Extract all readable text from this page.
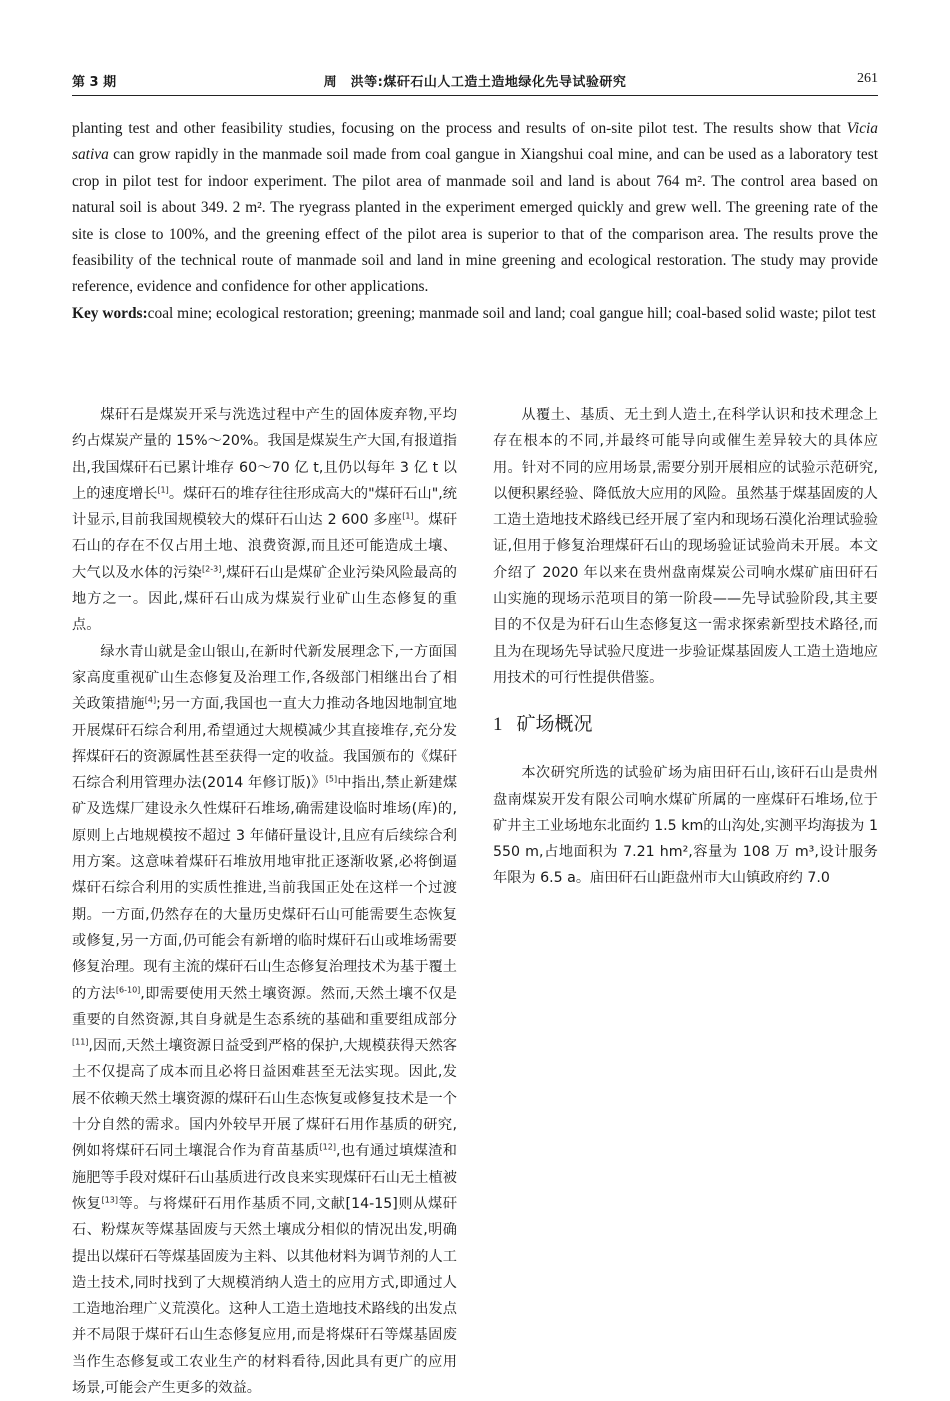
第 3 期	周　洪等:煤矸石山人工造土造地绿化先导试验研究	261

planting test and other feasibility studies, focusing on the process and results of on-site pilot test. The results show that Vicia sativa can grow rapidly in the manmade soil made from coal gangue in Xiangshui coal mine, and can be used as a laboratory test crop in pilot test for indoor experiment. The pilot area of manmade soil and land is about 764 m². The control area based on natural soil is about 349. 2 m². The ryegrass planted in the experiment emerged quickly and grew well. The greening rate of the site is close to 100%, and the greening effect of the pilot area is superior to that of the comparison area. The results prove the feasibility of the technical route of manmade soil and land in mine greening and ecological restoration. The study may provide reference, evidence and confidence for other applications.

Key words:coal mine; ecological restoration; greening; manmade soil and land; coal gangue hill; coal-based solid waste; pilot test

煤矸石是煤炭开采与洗选过程中产生的固体废弃物,平均约占煤炭产量的 15%～20%。我国是煤炭生产大国,有报道指出,我国煤矸石已累计堆存 60～70 亿 t,且仍以每年 3 亿 t 以上的速度增长[1]。煤矸石的堆存往往形成高大的"煤矸石山",统计显示,目前我国规模较大的煤矸石山达 2 600 多座[1]。煤矸石山的存在不仅占用土地、浪费资源,而且还可能造成土壤、大气以及水体的污染[2-3],煤矸石山是煤矿企业污染风险最高的地方之一。因此,煤矸石山成为煤炭行业矿山生态修复的重点。

绿水青山就是金山银山,在新时代新发展理念下,一方面国家高度重视矿山生态修复及治理工作,各级部门相继出台了相关政策措施[4];另一方面,我国也一直大力推动各地因地制宜地开展煤矸石综合利用,希望通过大规模减少其直接堆存,充分发挥煤矸石的资源属性甚至获得一定的收益。我国颁布的《煤矸石综合利用管理办法(2014 年修订版)》[5]中指出,禁止新建煤矿及选煤厂建设永久性煤矸石堆场,确需建设临时堆场(库)的,原则上占地规模按不超过 3 年储矸量设计,且应有后续综合利用方案。这意味着煤矸石堆放用地审批正逐渐收紧,必将倒逼煤矸石综合利用的实质性推进,当前我国正处在这样一个过渡期。一方面,仍然存在的大量历史煤矸石山可能需要生态恢复或修复,另一方面,仍可能会有新增的临时煤矸石山或堆场需要修复治理。现有主流的煤矸石山生态修复治理技术为基于覆土的方法[6-10],即需要使用天然土壤资源。然而,天然土壤不仅是重要的自然资源,其自身就是生态系统的基础和重要组成部分[11],因而,天然土壤资源日益受到严格的保护,大规模获得天然客土不仅提高了成本而且必将日益困难甚至无法实现。因此,发展不依赖天然土壤资源的煤矸石山生态恢复或修复技术是一个十分自然的需求。国内外较早开展了煤矸石用作基质的研究,例如将煤矸石同土壤混合作为育苗基质[12],也有通过填煤渣和施肥等手段对煤矸石山基质进行改良来实现煤矸石山无土植被恢复[13]等。与将煤矸石用作基质不同,文献[14-15]则从煤矸石、粉煤灰等煤基固废与天然土壤成分相似的情况出发,明确提出以煤矸石等煤基固废为主料、以其他材料为调节剂的人工造土技术,同时找到了大规模消纳人造土的应用方式,即通过人工造地治理广义荒漠化。这种人工造土造地技术路线的出发点并不局限于煤矸石山生态修复应用,而是将煤矸石等煤基固废当作生态修复或工农业生产的材料看待,因此具有更广的应用场景,可能会产生更多的效益。

从覆土、基质、无土到人造土,在科学认识和技术理念上存在根本的不同,并最终可能导向或催生差异较大的具体应用。针对不同的应用场景,需要分别开展相应的试验示范研究,以便积累经验、降低放大应用的风险。虽然基于煤基固废的人工造土造地技术路线已经开展了室内和现场石漠化治理试验验证,但用于修复治理煤矸石山的现场验证试验尚未开展。本文介绍了 2020 年以来在贵州盘南煤炭公司响水煤矿庙田矸石山实施的现场示范项目的第一阶段——先导试验阶段,其主要目的不仅是为矸石山生态修复这一需求探索新型技术路径,而且为在现场先导试验尺度进一步验证煤基固废人工造土造地应用技术的可行性提供借鉴。

1 矿场概况

本次研究所选的试验矿场为庙田矸石山,该矸石山是贵州盘南煤炭开发有限公司响水煤矿所属的一座煤矸石堆场,位于矿井主工业场地东北面约 1.5 km的山沟处,实测平均海拔为 1 550 m,占地面积为 7.21 hm²,容量为 108 万 m³,设计服务年限为 6.5 a。庙田矸石山距盘州市大山镇政府约 7.0
